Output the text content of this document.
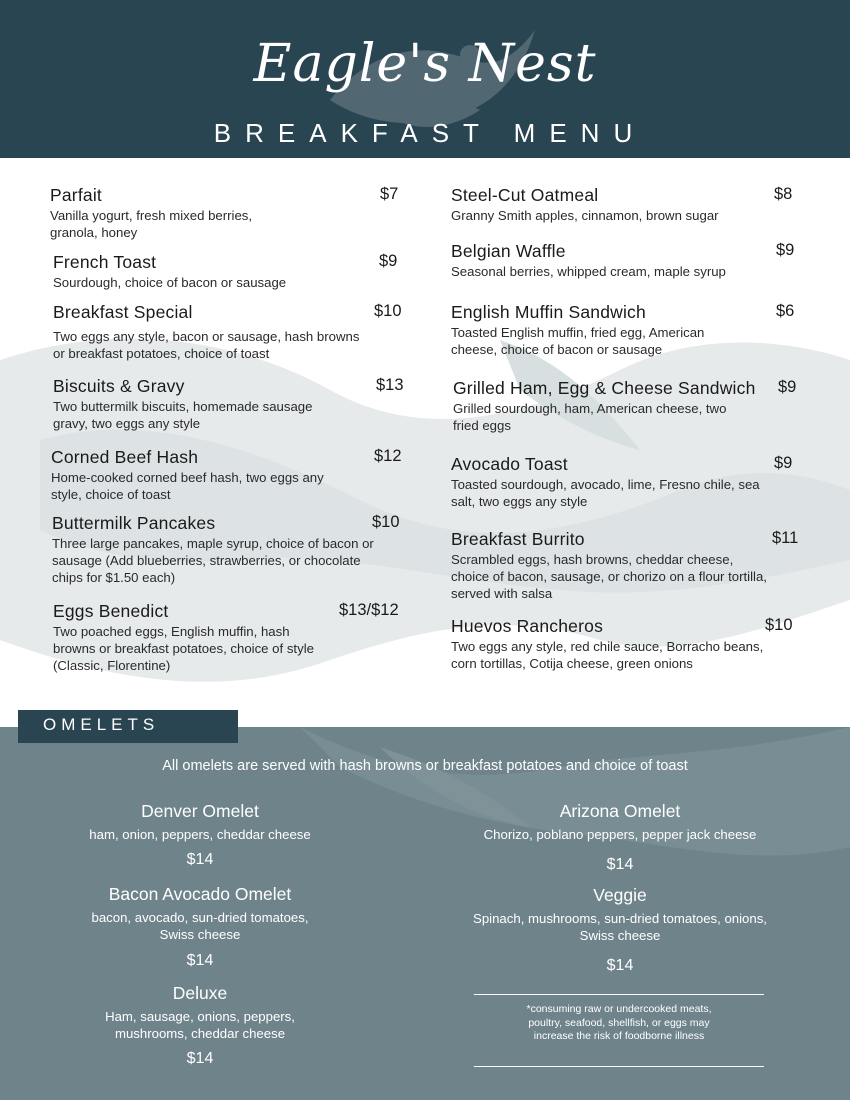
Eagle's Nest
BREAKFAST MENU
Parfait
Vanilla yogurt, fresh mixed berries, granola, honey
$7
French Toast
Sourdough, choice of bacon or sausage
$9
Breakfast Special
Two eggs any style, bacon or sausage, hash browns or breakfast potatoes, choice of toast
$10
Biscuits & Gravy
Two buttermilk biscuits, homemade sausage gravy, two eggs any style
$13
Corned Beef Hash
Home-cooked corned beef hash, two eggs any style, choice of toast
$12
Buttermilk Pancakes
Three large pancakes, maple syrup, choice of bacon or sausage (Add blueberries, strawberries, or chocolate chips for $1.50 each)
$10
Eggs Benedict
Two poached eggs, English muffin, hash browns or breakfast potatoes, choice of style (Classic, Florentine)
$13/$12
Steel-Cut Oatmeal
Granny Smith apples, cinnamon, brown sugar
$8
Belgian Waffle
Seasonal berries, whipped cream, maple syrup
$9
English Muffin Sandwich
Toasted English muffin, fried egg, American cheese, choice of bacon or sausage
$6
Grilled Ham, Egg & Cheese Sandwich
Grilled sourdough, ham, American cheese, two fried eggs
$9
Avocado Toast
Toasted sourdough, avocado, lime, Fresno chile, sea salt, two eggs any style
$9
Breakfast Burrito
Scrambled eggs, hash browns, cheddar cheese, choice of bacon, sausage, or chorizo on a flour tortilla, served with salsa
$11
Huevos Rancheros
Two eggs any style, red chile sauce, Borracho beans, corn tortillas, Cotija cheese, green onions
$10
OMELETS
All omelets are served with hash browns or breakfast potatoes and choice of toast
Denver Omelet
ham, onion, peppers, cheddar cheese
$14
Bacon Avocado Omelet
bacon, avocado, sun-dried tomatoes, Swiss cheese
$14
Deluxe
Ham, sausage, onions, peppers, mushrooms, cheddar cheese
$14
Arizona Omelet
Chorizo, poblano peppers, pepper jack cheese
$14
Veggie
Spinach, mushrooms, sun-dried tomatoes, onions, Swiss cheese
$14
*consuming raw or undercooked meats, poultry, seafood, shellfish, or eggs may increase the risk of foodborne illness
